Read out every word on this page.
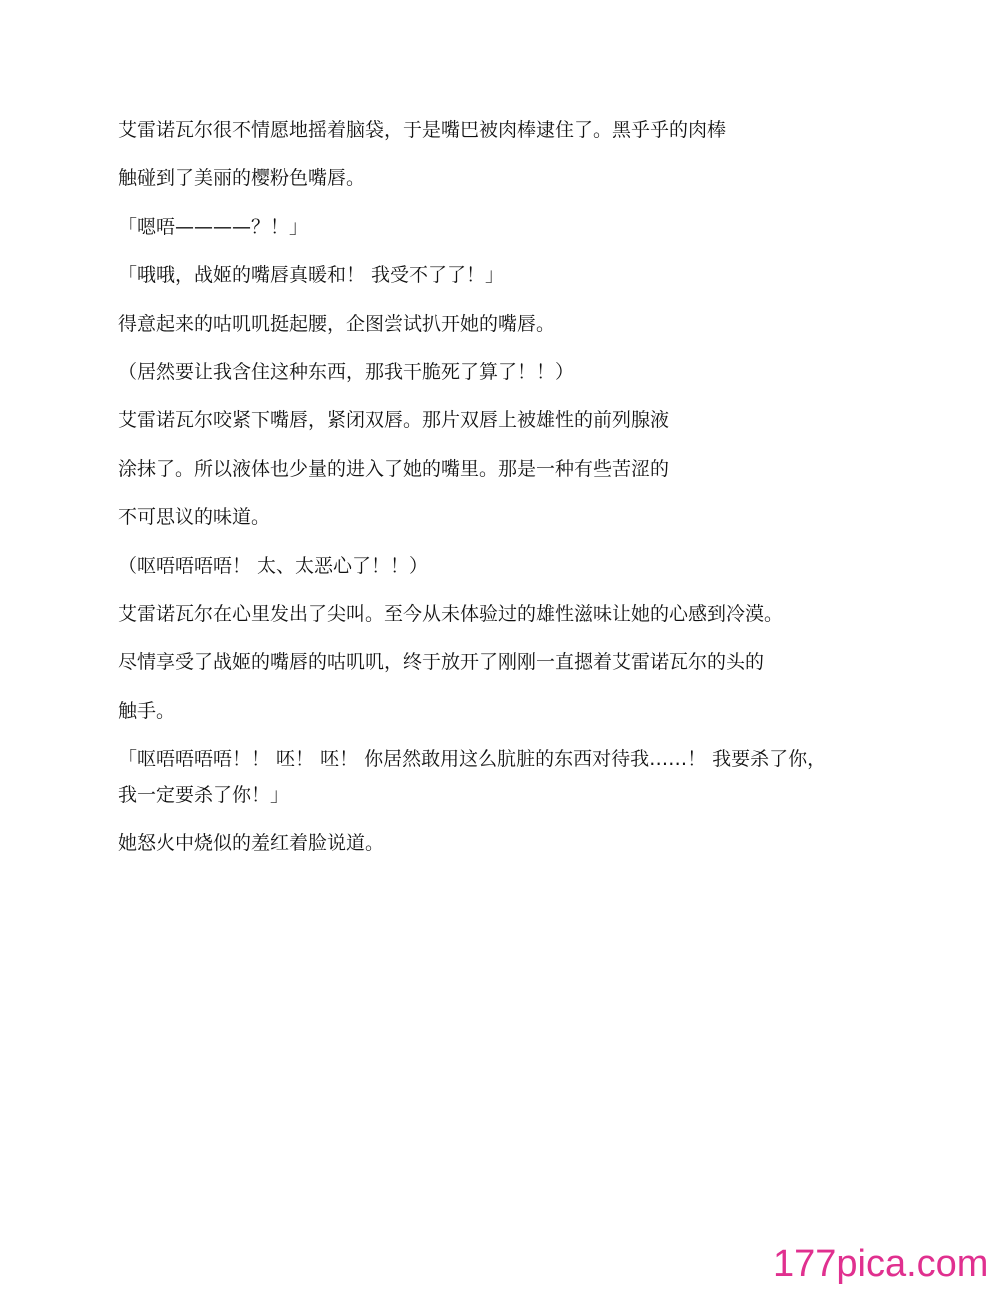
艾雷诺瓦尔很不情愿地摇着脑袋，于是嘴巴被肉棒逮住了。黑乎乎的肉棒

触碰到了美丽的樱粉色嘴唇。

「嗯唔————？！」

「哦哦，战姬的嘴唇真暖和！ 我受不了了！」

得意起来的咕叽叽挺起腰，企图尝试扒开她的嘴唇。

（居然要让我含住这种东西，那我干脆死了算了！！）

艾雷诺瓦尔咬紧下嘴唇，紧闭双唇。那片双唇上被雄性的前列腺液

涂抹了。所以液体也少量的进入了她的嘴里。那是一种有些苦涩的

不可思议的味道。

（呕唔唔唔唔！ 太、太恶心了！！）

艾雷诺瓦尔在心里发出了尖叫。至今从未体验过的雄性滋味让她的心感到冷漠。

尽情享受了战姬的嘴唇的咕叽叽，终于放开了刚刚一直摁着艾雷诺瓦尔的头的

触手。

「呕唔唔唔唔！！ 呸！ 呸！ 你居然敢用这么肮脏的东西对待我……！ 我要杀了你，

我一定要杀了你！」

她怒火中烧似的羞红着脸说道。

177pica.com
